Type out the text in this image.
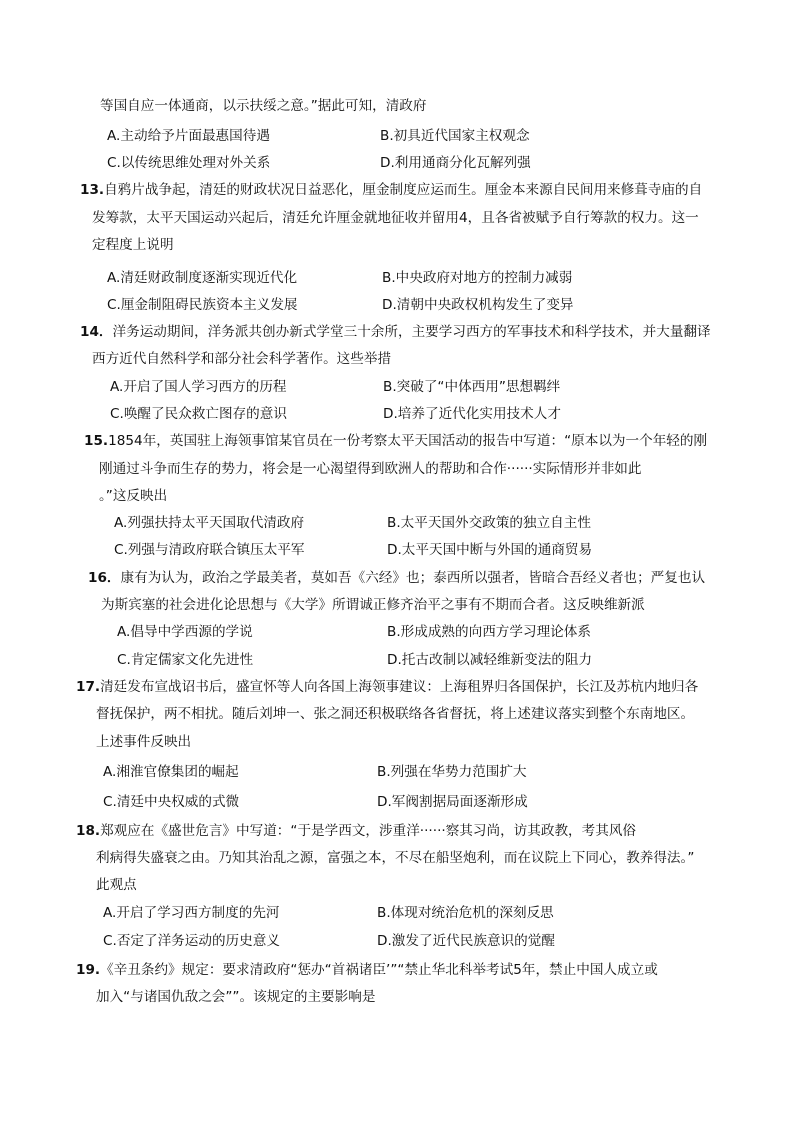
等国自应一体通商，以示扶绥之意。”据此可知，清政府
A.主动给予片面最惠国待遇	B.初具近代国家主权观念
C.以传统思维处理对外关系	D.利用通商分化瓦解列强
13.自鸦片战争起，清廷的财政状况日益恶化，厘金制度应运而生。厘金本来源自民间用来修葺寺庙的自
发筹款，太平天国运动兴起后，清廷允许厘金就地征收并留用4，且各省被赋予自行筹款的权力。这一
定程度上说明
A.清廷财政制度逐渐实现近代化	B.中央政府对地方的控制力减弱
C.厘金制阻碍民族资本主义发展	D.清朝中央政权机构发生了变异
14．洋务运动期间，洋务派共创办新式学堂三十余所，主要学习西方的军事技术和科学技术，并大量翻译
西方近代自然科学和部分社会科学著作。这些举措
A.开启了国人学习西方的历程	B.突破了“中体西用”思想羁绊
C.唤醒了民众救亡图存的意识	D.培养了近代化实用技术人才
15.1854年，英国驻上海领事馆某官员在一份考察太平天国活动的报告中写道：“原本以为一个年轻的刚
刚通过斗争而生存的势力，将会是一心渴望得到欧洲人的帮助和合作······实际情形并非如此
。”这反映出
A.列强扶持太平天国取代清政府	B.太平天国外交政策的独立自主性
C.列强与清政府联合镇压太平军	D.太平天国中断与外国的通商贸易
16．康有为认为，政治之学最美者，莫如吾《六经》也；泰西所以强者，皆暗合吾经义者也；严复也认
为斯宾塞的社会进化论思想与《大学》所谓诚正修齐治平之事有不期而合者。这反映维新派
A.倡导中学西源的学说	B.形成成熟的向西方学习理论体系
C.肯定儒家文化先进性	D.托古改制以减轻维新变法的阻力
17.清廷发布宣战诏书后，盛宣怀等人向各国上海领事建议：上海租界归各国保护，长江及苏杭内地归各
督抚保护，两不相扰。随后刘坤一、张之洞还积极联络各省督抚，将上述建议落实到整个东南地区。
上述事件反映出
A.湘淮官僚集团的崛起	B.列强在华势力范围扩大
C.清廷中央权威的式微	D.军阀割据局面逐渐形成
18.郑观应在《盛世危言》中写道：“于是学西文，涉重洋······察其习尚，访其政教，考其风俗
利病得失盛衰之由。乃知其治乱之源，富强之本，不尽在船坚炮利，而在议院上下同心，教养得法。”
此观点
A.开启了学习西方制度的先河	B.体现对统治危机的深刻反思
C.否定了洋务运动的历史意义	D.激发了近代民族意识的觉醒
19.《辛丑条约》规定：要求清政府“惩办“首祸诸臣’”“禁止华北科举考试5年，禁止中国人成立或
加入“与诸国仇敌之会””。该规定的主要影响是
